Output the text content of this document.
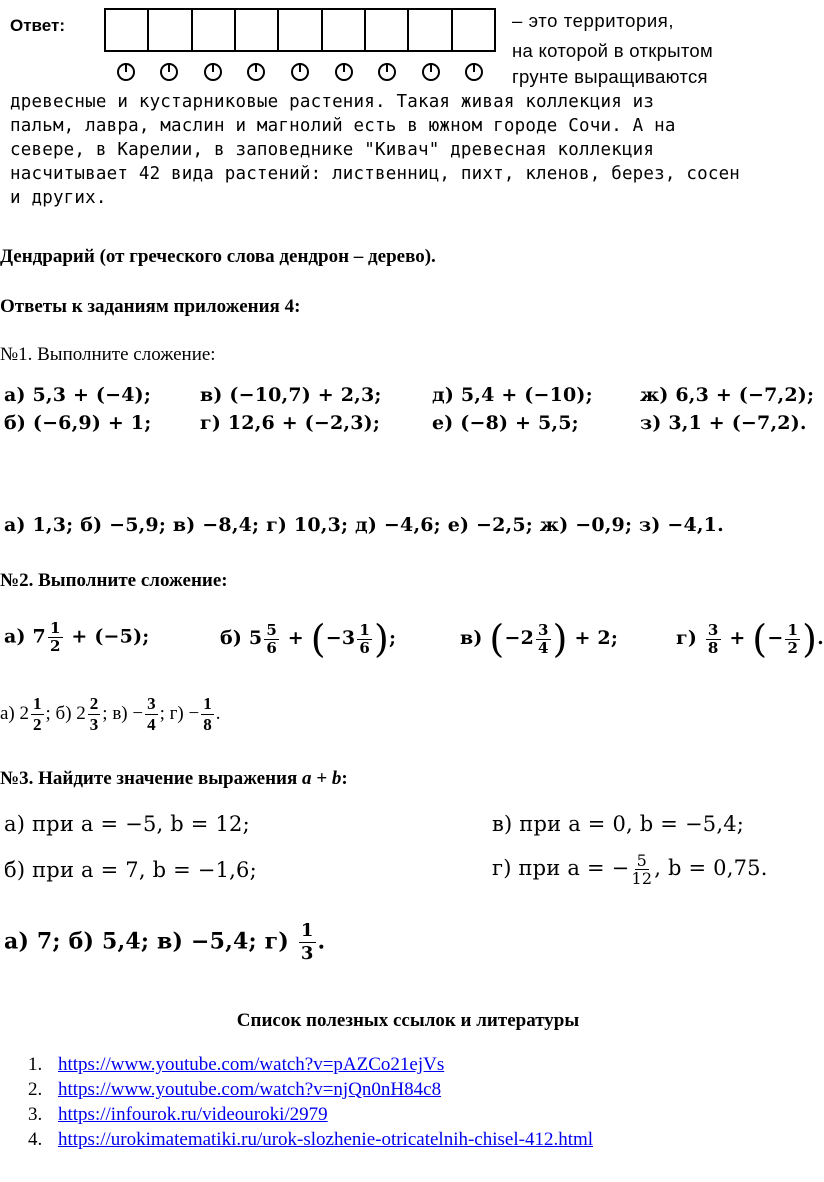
Ответ:	– это территория,
на которой в открытом
грунте выращиваются
древесные и кустарниковые растения. Такая живая коллекция из
пальм, лавра, маслин и магнолий есть в южном городе Сочи. А на
севере, в Карелии, в заповеднике "Кивач" древесная коллекция
насчитывает 42 вида растений: лиственниц, пихт, кленов, берез, сосен
и других.
Дендрарий (от греческого слова дендрон – дерево).
Ответы к заданиям приложения 4:
№1. Выполните сложение:
а) 5,3 + (−4);	в) (−10,7) + 2,3;	д) 5,4 + (−10); ж) 6,3 + (−7,2);
б) (−6,9) + 1;	г) 12,6 + (−2,3);	е) (−8) + 5,5;	з) 3,1 + (−7,2).
а) 1,3; б) −5,9; в) −8,4; г) 10,3; д) −4,6; е) −2,5; ж) −0,9; з) −4,1.
№2. Выполните сложение:
а) $7 \frac{1}{2} + (-5)$;	б) $5 \frac{5}{6} + (-3 \frac{1}{6}$ );	в) ($-2 \frac{3}{4}$ ) + 2;	$г) \frac{3}{8}$ + (− $\frac{1}{2}$ ).
а) $2 \frac{1}{2}$ ; б) $2 \frac{2}{3}$ ; $в) - \frac{3}{4}$ ; $г) - \frac{1}{8}$ .
№3. Найдите значение выражения a + b:
а) при a = −5, b = 12;	в) при a = 0, b = −5,4;
б) при a = 7, b = −1,6;	г) при a = − $\frac{5}{12}$ , b = 0,75.
а) 7; б) 5,4; в) −5,4; $г) \frac{1}{3}$ .
Список полезных ссылок и литературы
1. https://www.youtube.com/watch?v=pAZCo21ejVs
2. https://www.youtube.com/watch?v=njQn0nH84c8
3. https://infourok.ru/videouroki/2979
4. https://urokimatematiki.ru/urok-slozhenie-otricatelnih-chisel-412.html
